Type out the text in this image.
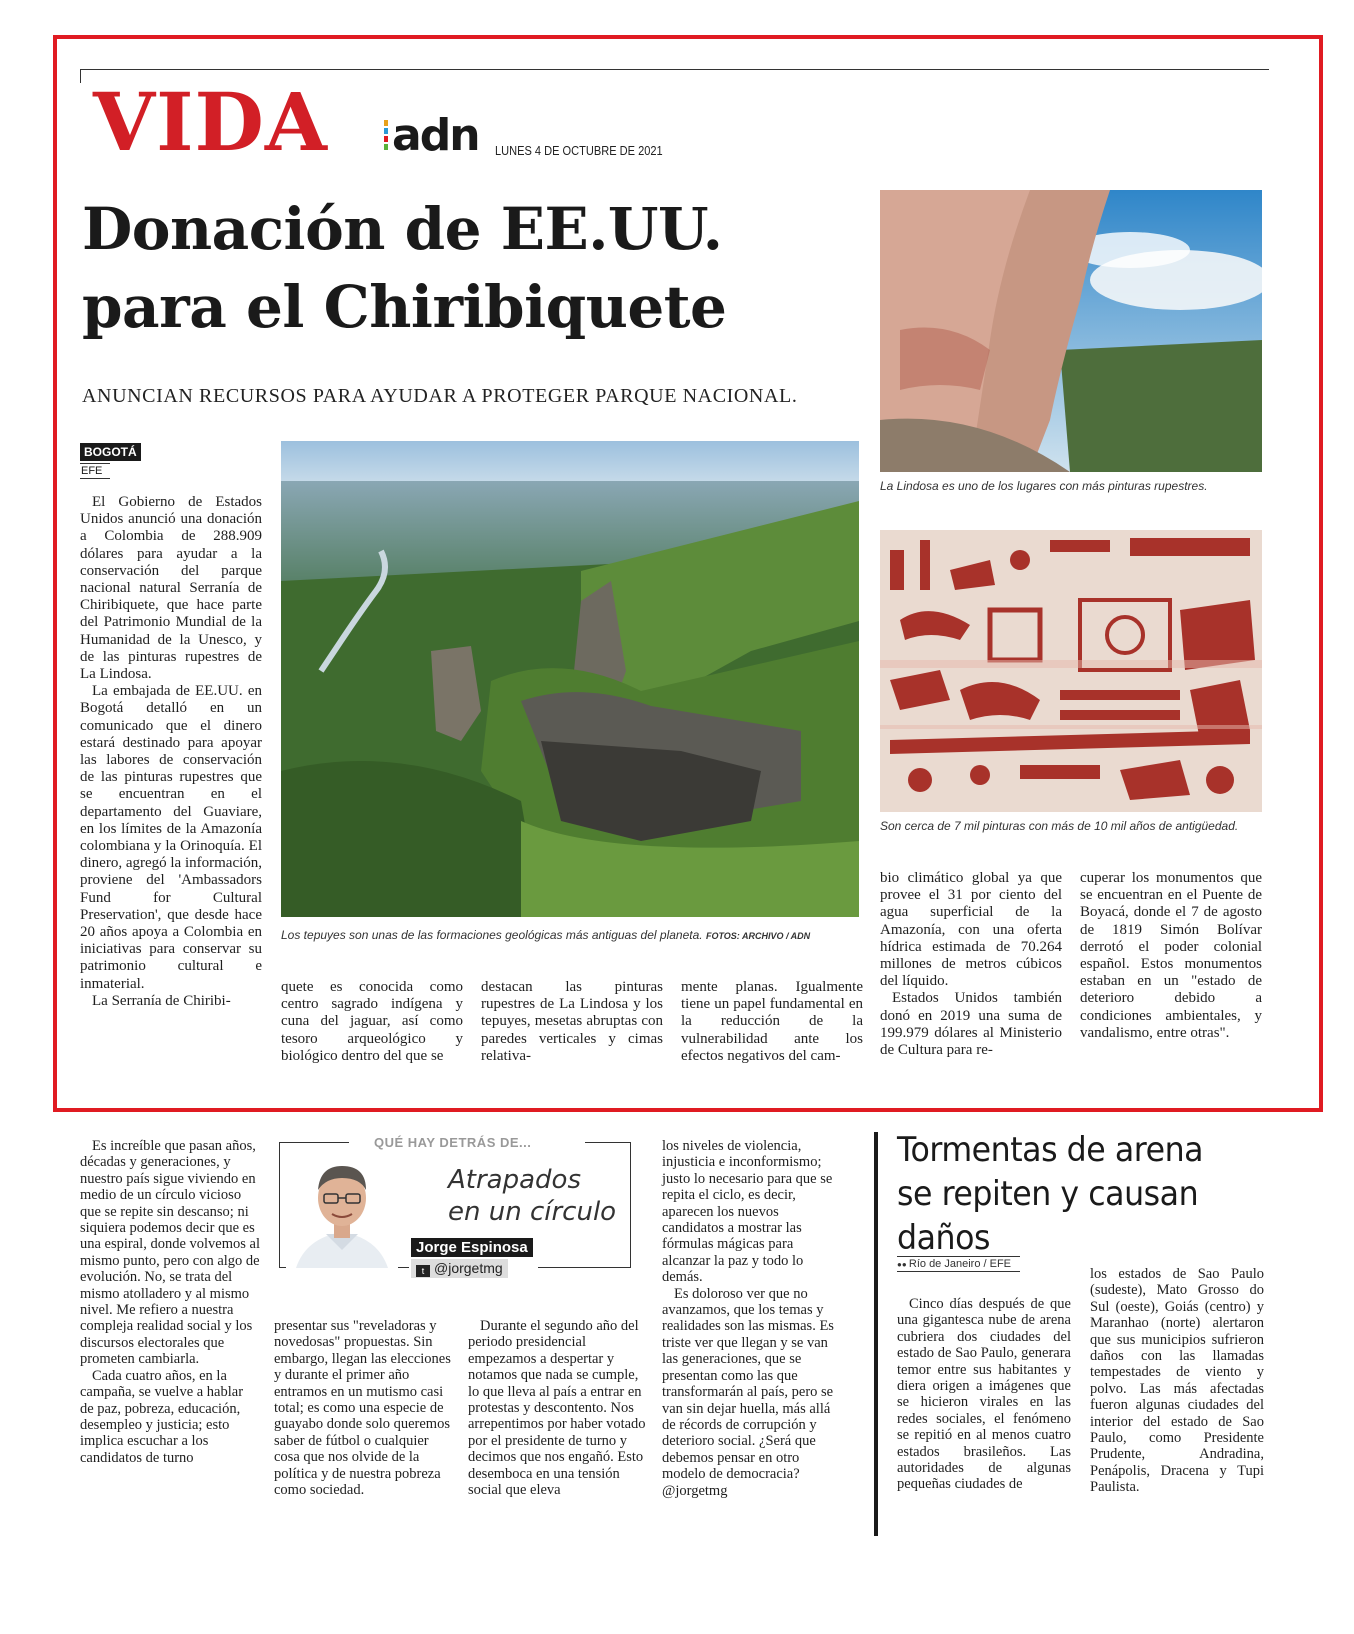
VIDA adn LUNES 4 DE OCTUBRE DE 2021
Donación de EE.UU.
para el Chiribiquete
ANUNCIAN RECURSOS PARA AYUDAR A PROTEGER PARQUE NACIONAL.
BOGOTÁ
EFE

El Gobierno de Estados Unidos anunció una donación a Colombia de 288.909 dólares para ayudar a la conservación del parque nacional natural Serranía de Chiribiquete, que hace parte del Patrimonio Mundial de la Humanidad de la Unesco, y de las pinturas rupestres de La Lindosa.

La embajada de EE.UU. en Bogotá detalló en un comunicado que el dinero estará destinado para apoyar las labores de conservación de las pinturas rupestres que se encuentran en el departamento del Guaviare, en los límites de la Amazonía colombiana y la Orinoquía. El dinero, agregó la información, proviene del 'Ambassadors Fund for Cultural Preservation', que desde hace 20 años apoya a Colombia en iniciativas para conservar su patrimonio cultural e inmaterial.

La Serranía de Chiribi-

Los tepuyes son unas de las formaciones geológicas más antiguas del planeta. FOTOS: ARCHIVO / ADN
La Lindosa es uno de los lugares con más pinturas rupestres.
Son cerca de 7 mil pinturas con más de 10 mil años de antigüedad.

quete es conocida como centro sagrado indígena y cuna del jaguar, así como tesoro arqueológico y biológico dentro del que se

destacan las pinturas rupestres de La Lindosa y los tepuyes, mesetas abruptas con paredes verticales y cimas relativa-

mente planas. Igualmente tiene un papel fundamental en la reducción de la vulnerabilidad ante los efectos negativos del cam-

bio climático global ya que provee el 31 por ciento del agua superficial de la Amazonía, con una oferta hídrica estimada de 70.264 millones de metros cúbicos del líquido.

Estados Unidos también donó en 2019 una suma de 199.979 dólares al Ministerio de Cultura para re-

cuperar los monumentos que se encuentran en el Puente de Boyacá, donde el 7 de agosto de 1819 Simón Bolívar derrotó el poder colonial español. Estos monumentos estaban en un "estado de deterioro debido a condiciones ambientales, y vandalismo, entre otras".

Es increíble que pasan años, décadas y generaciones, y nuestro país sigue viviendo en medio de un círculo vicioso que se repite sin descanso; ni siquiera podemos decir que es una espiral, donde volvemos al mismo punto, pero con algo de evolución. No, se trata del mismo atolladero y al mismo nivel. Me refiero a nuestra compleja realidad social y los discursos electorales que prometen cambiarla.

Cada cuatro años, en la campaña, se vuelve a hablar de paz, pobreza, educación, desempleo y justicia; esto implica escuchar a los candidatos de turno

QUÉ HAY DETRÁS DE...
Atrapados
en un círculo
Jorge Espinosa
t @jorgetmg

presentar sus "reveladoras y novedosas" propuestas. Sin embargo, llegan las elecciones y durante el primer año entramos en un mutismo casi total; es como una especie de guayabo donde solo queremos saber de fútbol o cualquier cosa que nos olvide de la política y de nuestra pobreza como sociedad.

Durante el segundo año del periodo presidencial empezamos a despertar y notamos que nada se cumple, lo que lleva al país a entrar en protestas y descontento. Nos arrepentimos por haber votado por el presidente de turno y decimos que nos engañó. Esto desemboca en una tensión social que eleva

los niveles de violencia, injusticia e inconformismo; justo lo necesario para que se repita el ciclo, es decir, aparecen los nuevos candidatos a mostrar las fórmulas mágicas para alcanzar la paz y todo lo demás.

Es doloroso ver que no avanzamos, que los temas y realidades son las mismas. Es triste ver que llegan y se van las generaciones, que se presentan como las que transformarán al país, pero se van sin dejar huella, más allá de récords de corrupción y deterioro social. ¿Será que debemos pensar en otro modelo de democracia? @jorgetmg

Tormentas de arena se repiten y causan daños
●● Río de Janeiro / EFE

Cinco días después de que una gigantesca nube de arena cubriera dos ciudades del estado de Sao Paulo, generara temor entre sus habitantes y diera origen a imágenes que se hicieron virales en las redes sociales, el fenómeno se repitió en al menos cuatro estados brasileños. Las autoridades de algunas pequeñas ciudades de

los estados de Sao Paulo (sudeste), Mato Grosso do Sul (oeste), Goiás (centro) y Maranhao (norte) alertaron que sus municipios sufrieron daños con las llamadas tempestades de viento y polvo. Las más afectadas fueron algunas ciudades del interior del estado de Sao Paulo, como Presidente Prudente, Andradina, Penápolis, Dracena y Tupi Paulista.
